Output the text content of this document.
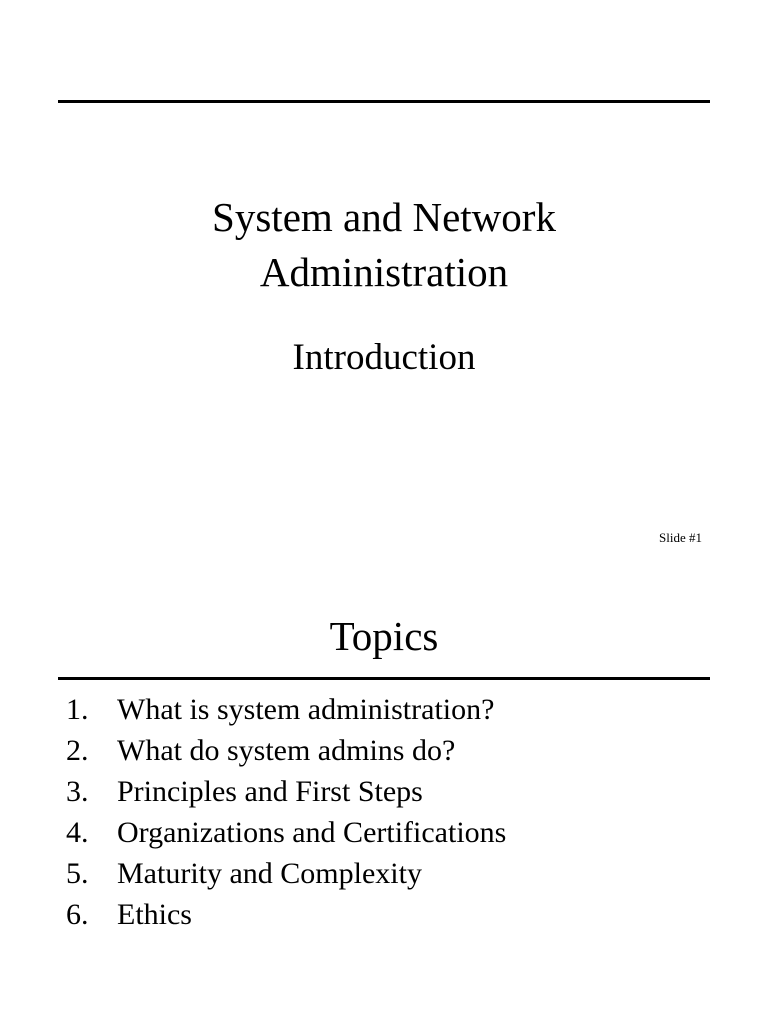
System and Network
Administration
Introduction
Slide #1
Topics
1. What is system administration?
2. What do system admins do?
3. Principles and First Steps
4. Organizations and Certifications
5. Maturity and Complexity
6. Ethics
